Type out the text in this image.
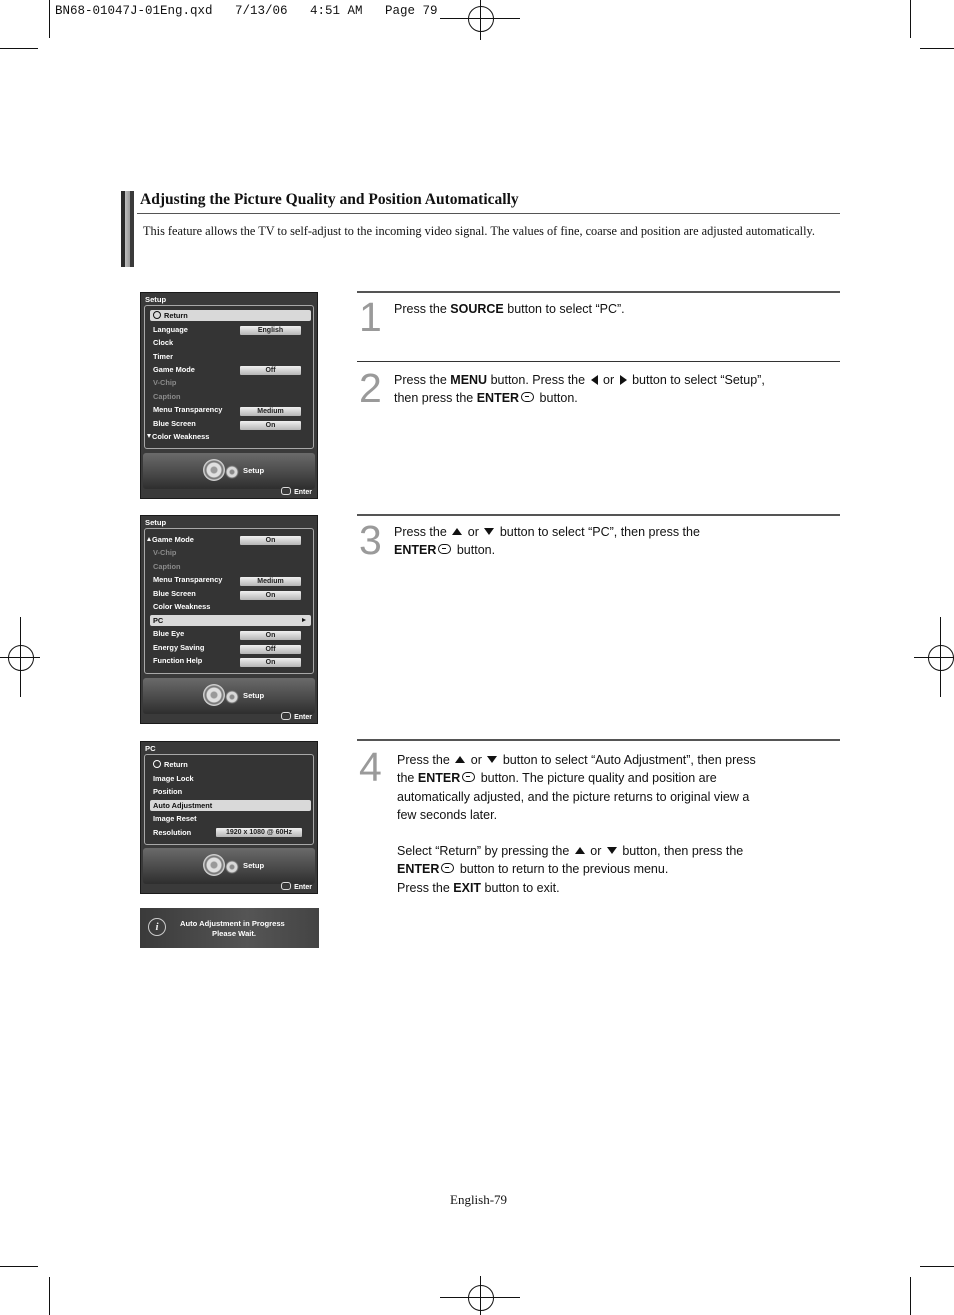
BN68-01047J-01Eng.qxd   7/13/06   4:51 AM   Page 79
Adjusting the Picture Quality and Position Automatically
This feature allows the TV to self-adjust to the incoming video signal. The values of fine, coarse and position are adjusted automatically.
Setup
Return
Language	English
Clock
Timer
Game Mode	Off
V-Chip
Caption
Menu Transparency	Medium
Blue Screen	On
Color Weakness
Setup
Enter
Setup
Game Mode	On
V-Chip
Caption
Menu Transparency	Medium
Blue Screen	On
Color Weakness
PC
Blue Eye	On
Energy Saving	Off
Function Help	On
Setup
Enter
PC
Return
Image Lock
Position
Auto Adjustment
Image Reset
Resolution	1920 x 1080 @ 60Hz
Setup
Enter
i	Auto Adjustment in Progress
Please Wait.
1 Press the SOURCE button to select “PC”.
2 Press the MENU button. Press the  or  button to select “Setup”,
then press the ENTER button.
3 Press the  or  button to select “PC”, then press the
ENTER button.
4 Press the  or  button to select “Auto Adjustment”, then press
the ENTER button. The picture quality and position are
automatically adjusted, and the picture returns to original view a
few seconds later.
Select “Return” by pressing the  or  button, then press the
ENTER button to return to the previous menu.
Press the EXIT button to exit.
English-79
